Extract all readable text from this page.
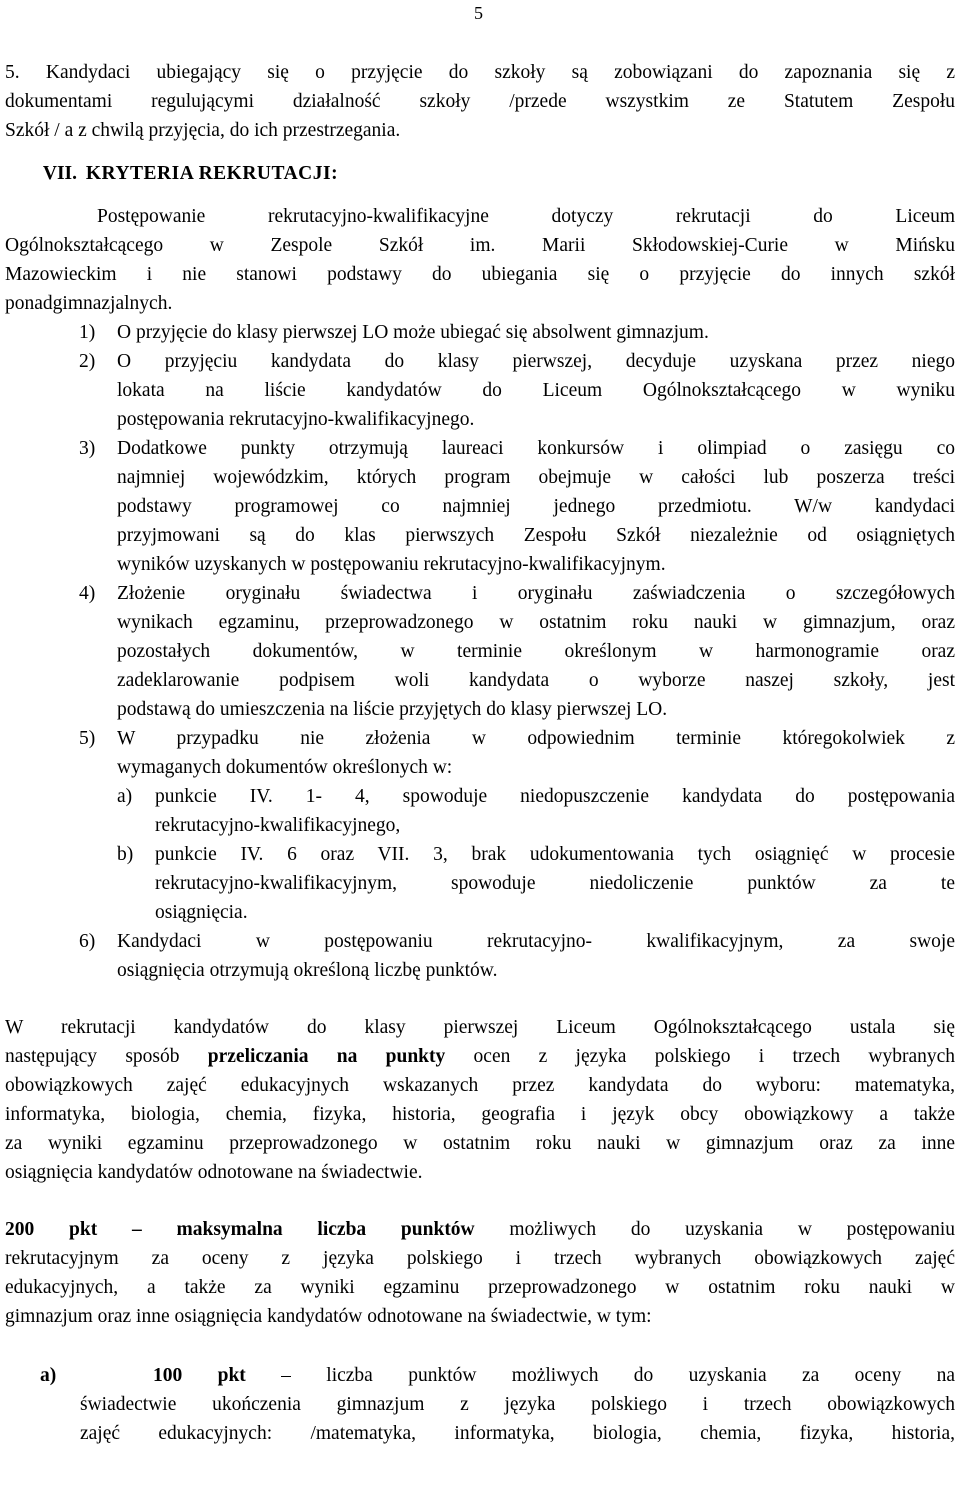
5

5. Kandydaci ubiegający się o przyjęcie do szkoły są zobowiązani do zapoznania się z

dokumentami regulującymi działalność szkoły /przede wszystkim ze Statutem Zespołu

Szkół / a z chwilą przyjęcia, do ich przestrzegania.

VII. KRYTERIA REKRUTACJI:

Postępowanie rekrutacyjno-kwalifikacyjne dotyczy rekrutacji do Liceum

Ogólnokształcącego w Zespole Szkół im. Marii Skłodowskiej-Curie w Mińsku

Mazowieckim i nie stanowi podstawy do ubiegania się o przyjęcie do innych szkół

ponadgimnazjalnych.

1) O przyjęcie do klasy pierwszej LO może ubiegać się absolwent gimnazjum.

2) O przyjęciu kandydata do klasy pierwszej, decyduje uzyskana przez niego

lokata na liście kandydatów do Liceum Ogólnokształcącego w wyniku

postępowania rekrutacyjno-kwalifikacyjnego.

3) Dodatkowe punkty otrzymują laureaci konkursów i olimpiad o zasięgu co

najmniej wojewódzkim, których program obejmuje w całości lub poszerza treści

podstawy programowej co najmniej jednego przedmiotu. W/w kandydaci

przyjmowani są do klas pierwszych Zespołu Szkół niezależnie od osiągniętych

wyników uzyskanych w postępowaniu rekrutacyjno-kwalifikacyjnym.

4) Złożenie oryginału świadectwa i oryginału zaświadczenia o szczegółowych

wynikach egzaminu, przeprowadzonego w ostatnim roku nauki w gimnazjum, oraz

pozostałych dokumentów, w terminie określonym w harmonogramie oraz

zadeklarowanie podpisem woli kandydata o wyborze naszej szkoły, jest

podstawą do umieszczenia na liście przyjętych do klasy pierwszej LO.

5) W przypadku nie złożenia w odpowiednim terminie któregokolwiek z

wymaganych dokumentów określonych w:

a) punkcie IV. 1- 4, spowoduje niedopuszczenie kandydata do postępowania

rekrutacyjno-kwalifikacyjnego,

b) punkcie IV. 6 oraz VII. 3, brak udokumentowania tych osiągnięć w procesie

rekrutacyjno-kwalifikacyjnym, spowoduje niedoliczenie punktów za te

osiągnięcia.

6) Kandydaci w postępowaniu rekrutacyjno- kwalifikacyjnym, za swoje

osiągnięcia otrzymują określoną liczbę punktów.

W rekrutacji kandydatów do klasy pierwszej Liceum Ogólnokształcącego ustala się

następujący sposób przeliczania na punkty ocen z języka polskiego i trzech wybranych

obowiązkowych zajęć edukacyjnych wskazanych przez kandydata do wyboru: matematyka,

informatyka, biologia, chemia, fizyka, historia, geografia i język obcy obowiązkowy a także

za wyniki egzaminu przeprowadzonego w ostatnim roku nauki w gimnazjum oraz za inne

osiągnięcia kandydatów odnotowane na świadectwie.

200 pkt – maksymalna liczba punktów możliwych do uzyskania w postępowaniu

rekrutacyjnym za oceny z języka polskiego i trzech wybranych obowiązkowych zajęć

edukacyjnych, a także za wyniki egzaminu przeprowadzonego w ostatnim roku nauki w

gimnazjum oraz inne osiągnięcia kandydatów odnotowane na świadectwie, w tym:

a)	100 pkt – liczba punktów możliwych do uzyskania za oceny na

świadectwie ukończenia gimnazjum z języka polskiego i trzech obowiązkowych

zajęć edukacyjnych: /matematyka, informatyka, biologia, chemia, fizyka, historia,
